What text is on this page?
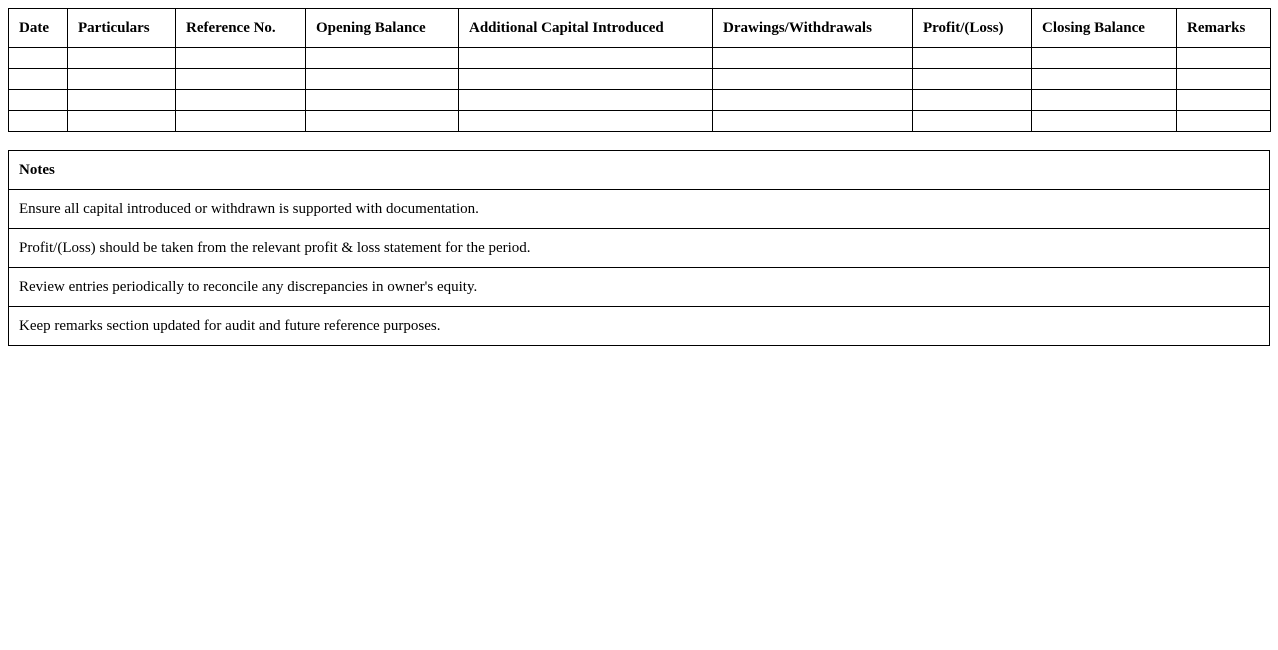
Date	Particulars	Reference No.	Opening Balance	Additional Capital Introduced	Drawings/Withdrawals	Profit/(Loss)	Closing Balance	Remarks

Notes
Ensure all capital introduced or withdrawn is supported with documentation.
Profit/(Loss) should be taken from the relevant profit & loss statement for the period.
Review entries periodically to reconcile any discrepancies in owner's equity.
Keep remarks section updated for audit and future reference purposes.
